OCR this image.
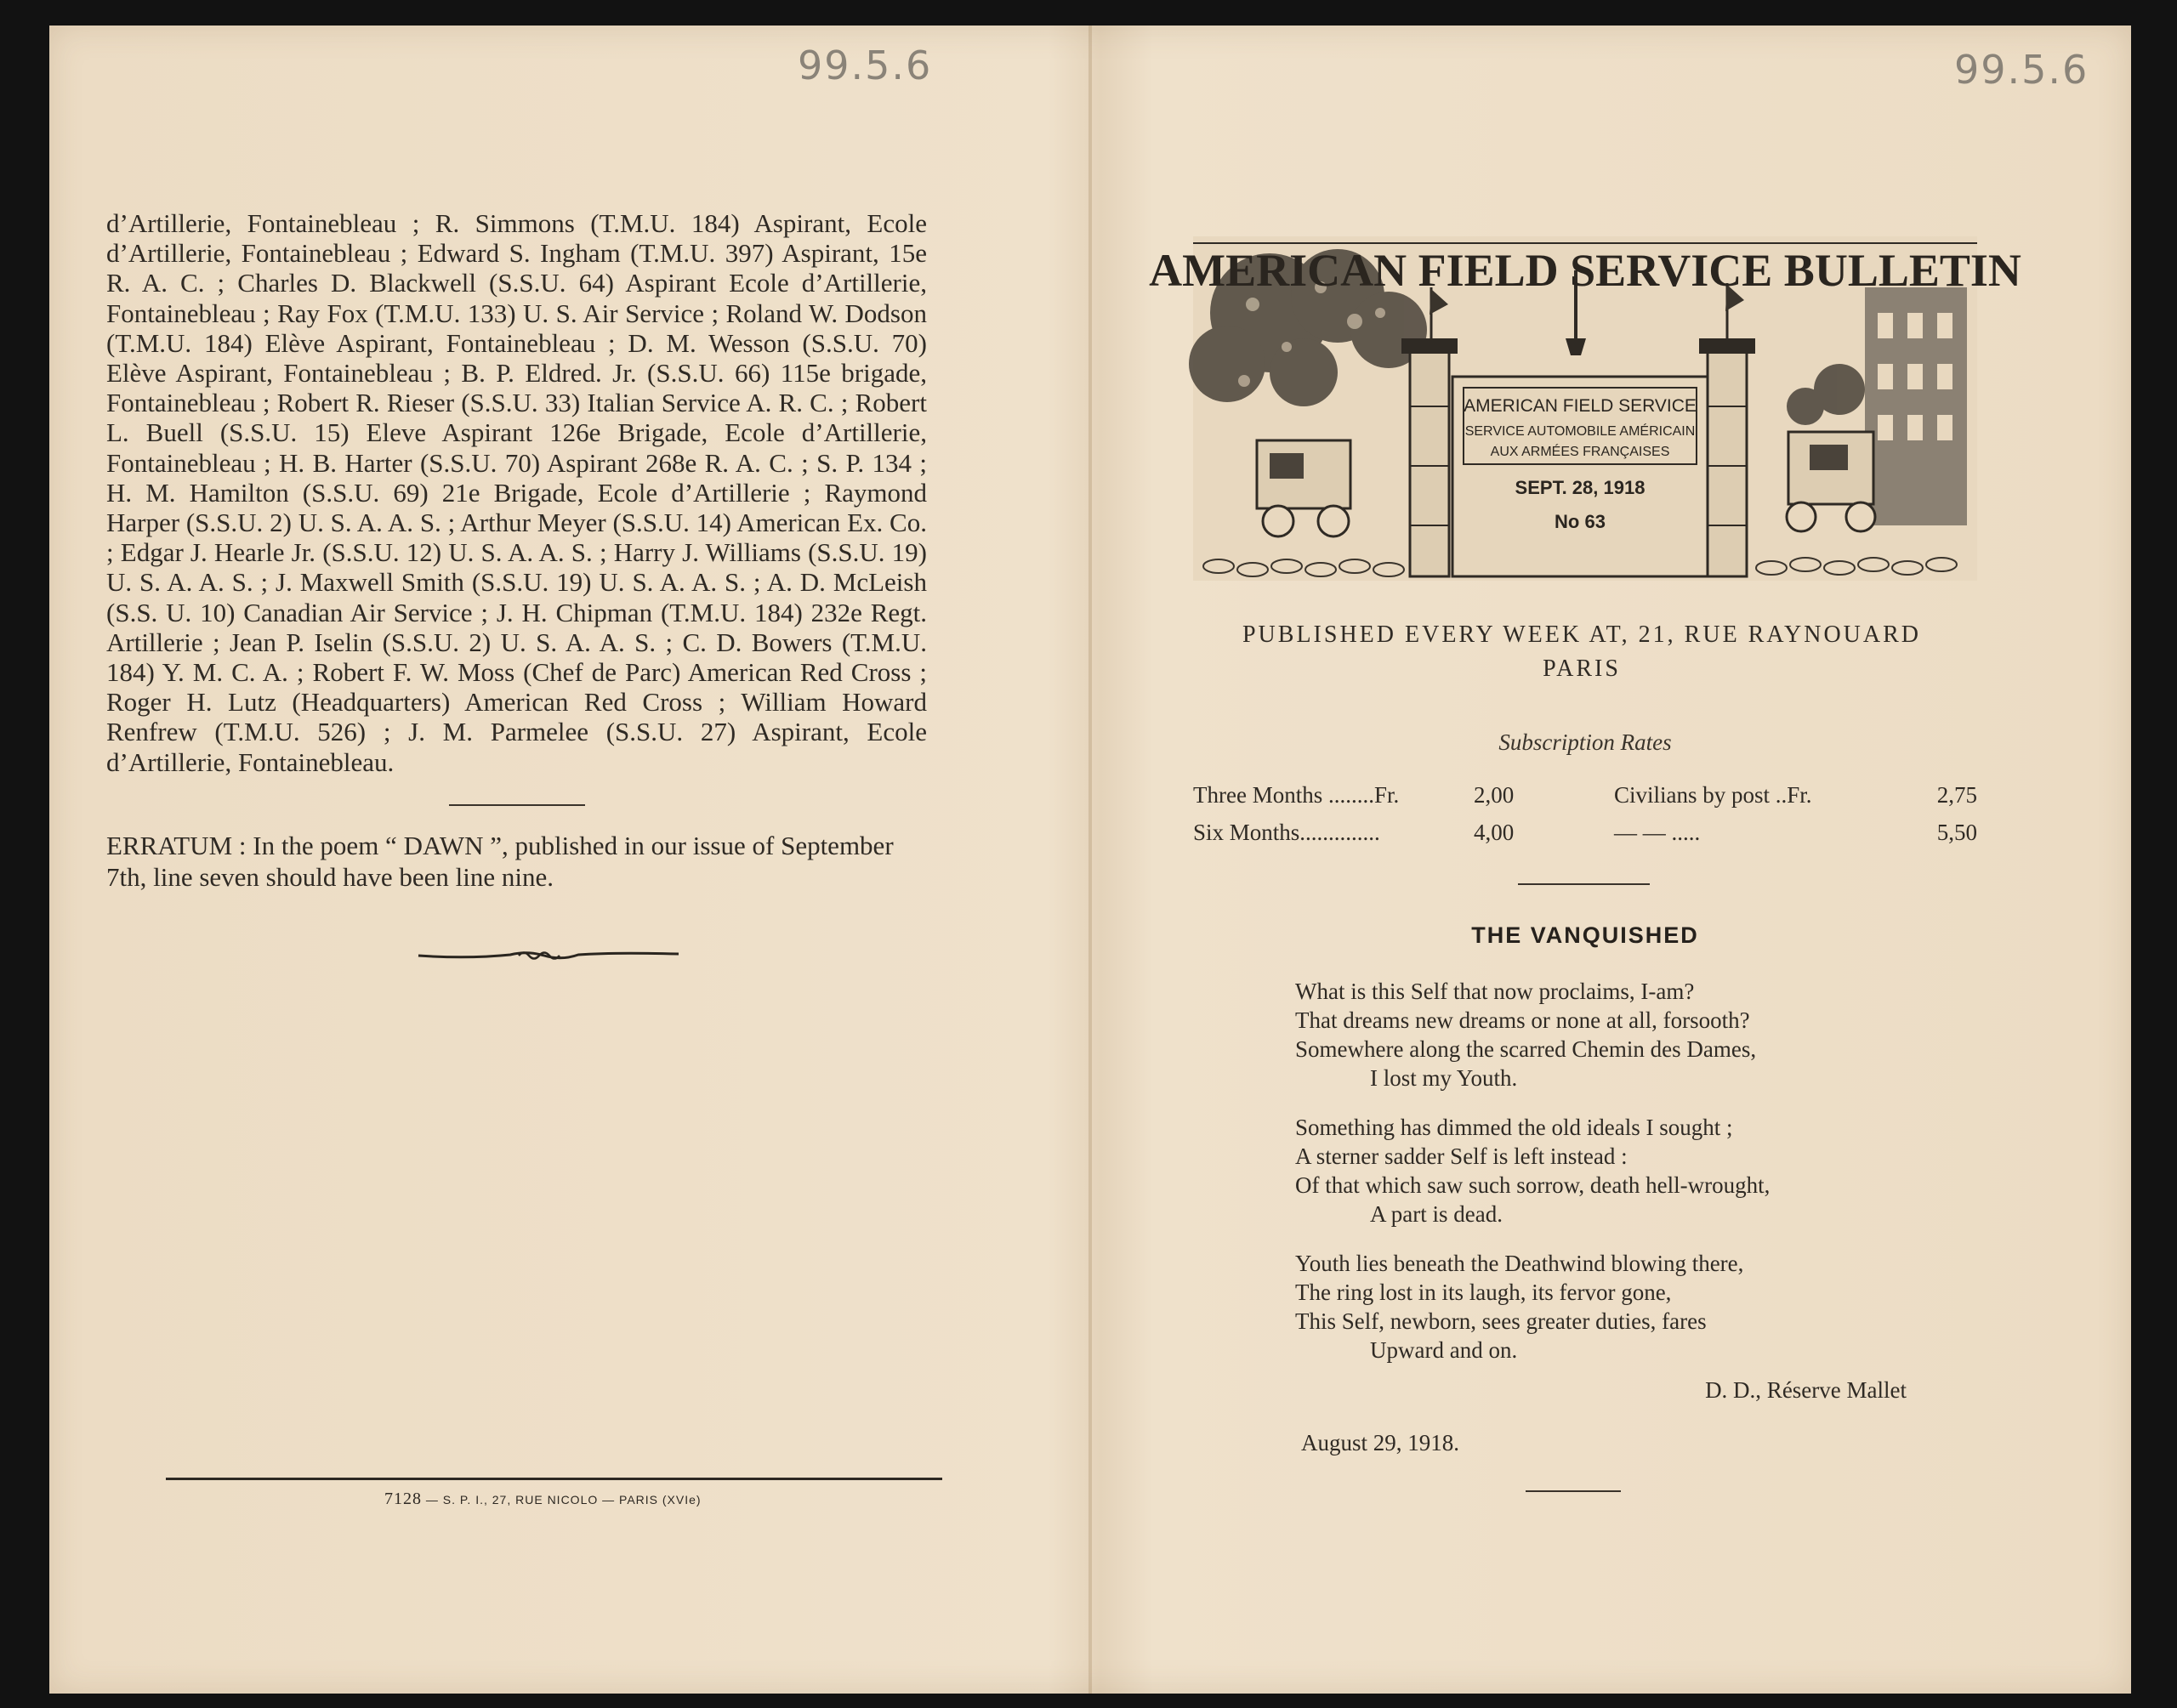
99.5.6	99.5.6

d’Artillerie, Fontainebleau ; R. Simmons (T.M.U. 184) Aspirant, Ecole d’Artillerie, Fontainebleau ; Edward S. Ingham (T.M.U. 397) Aspirant, 15e R. A. C. ; Charles D. Blackwell (S.S.U. 64) Aspirant Ecole d’Artillerie, Fontainebleau ; Ray Fox (T.M.U. 133) U. S. Air Service ; Roland W. Dodson (T.M.U. 184) Elève Aspirant, Fontainebleau ; D. M. Wesson (S.S.U. 70) Elève Aspirant, Fontainebleau ; B. P. Eldred. Jr. (S.S.U. 66) 115e brigade, Fontainebleau ; Robert R. Rieser (S.S.U. 33) Italian Service A. R. C. ; Robert L. Buell (S.S.U. 15) Eleve Aspirant 126e Brigade, Ecole d’Artillerie, Fontainebleau ; H. B. Harter (S.S.U. 70) Aspirant 268e R. A. C. ; S. P. 134 ; H. M. Hamilton (S.S.U. 69) 21e Brigade, Ecole d’Artillerie ; Raymond Harper (S.S.U. 2) U. S. A. A. S. ; Arthur Meyer (S.S.U. 14) American Ex. Co. ; Edgar J. Hearle Jr. (S.S.U. 12) U. S. A. A. S. ; Harry J. Williams (S.S.U. 19) U. S. A. A. S. ; J. Maxwell Smith (S.S.U. 19) U. S. A. A. S. ; A. D. McLeish (S.S. U. 10) Canadian Air Service ; J. H. Chipman (T.M.U. 184) 232e Regt. Artillerie ; Jean P. Iselin (S.S.U. 2) U. S. A. A. S. ; C. D. Bowers (T.M.U. 184) Y. M. C. A. ; Robert F. W. Moss (Chef de Parc) American Red Cross ; Roger H. Lutz (Headquarters) American Red Cross ; William Howard Renfrew (T.M.U. 526) ; J. M. Parmelee (S.S.U. 27) Aspirant, Ecole d’Artillerie, Fontainebleau.

ERRATUM : In the poem “ DAWN ”, published in our issue of September 7th, line seven should have been line nine.

7128 — S. P. I., 27, RUE NICOLO — PARIS (XVIe)
AMERICAN FIELD SERVICE BULLETIN
AMERICAN FIELD SERVICE
SERVICE AUTOMOBILE AMÉRICAIN
AUX ARMÉES FRANÇAISES
SEPT. 28, 1918
No 63
PUBLISHED EVERY WEEK AT, 21, RUE RAYNOUARD
PARIS
Subscription Rates
Three Months ........Fr.	2,00	Civilians by post ..Fr.	2,75
Six Months..............	4,00	— — .....	5,50
THE VANQUISHED
What is this Self that now proclaims, I-am?
That dreams new dreams or none at all, forsooth?
Somewhere along the scarred Chemin des Dames,
I lost my Youth.
Something has dimmed the old ideals I sought ;
A sterner sadder Self is left instead :
Of that which saw such sorrow, death hell-wrought,
A part is dead.
Youth lies beneath the Deathwind blowing there,
The ring lost in its laugh, its fervor gone,
This Self, newborn, sees greater duties, fares
Upward and on.
D. D., Réserve Mallet
August 29, 1918.
